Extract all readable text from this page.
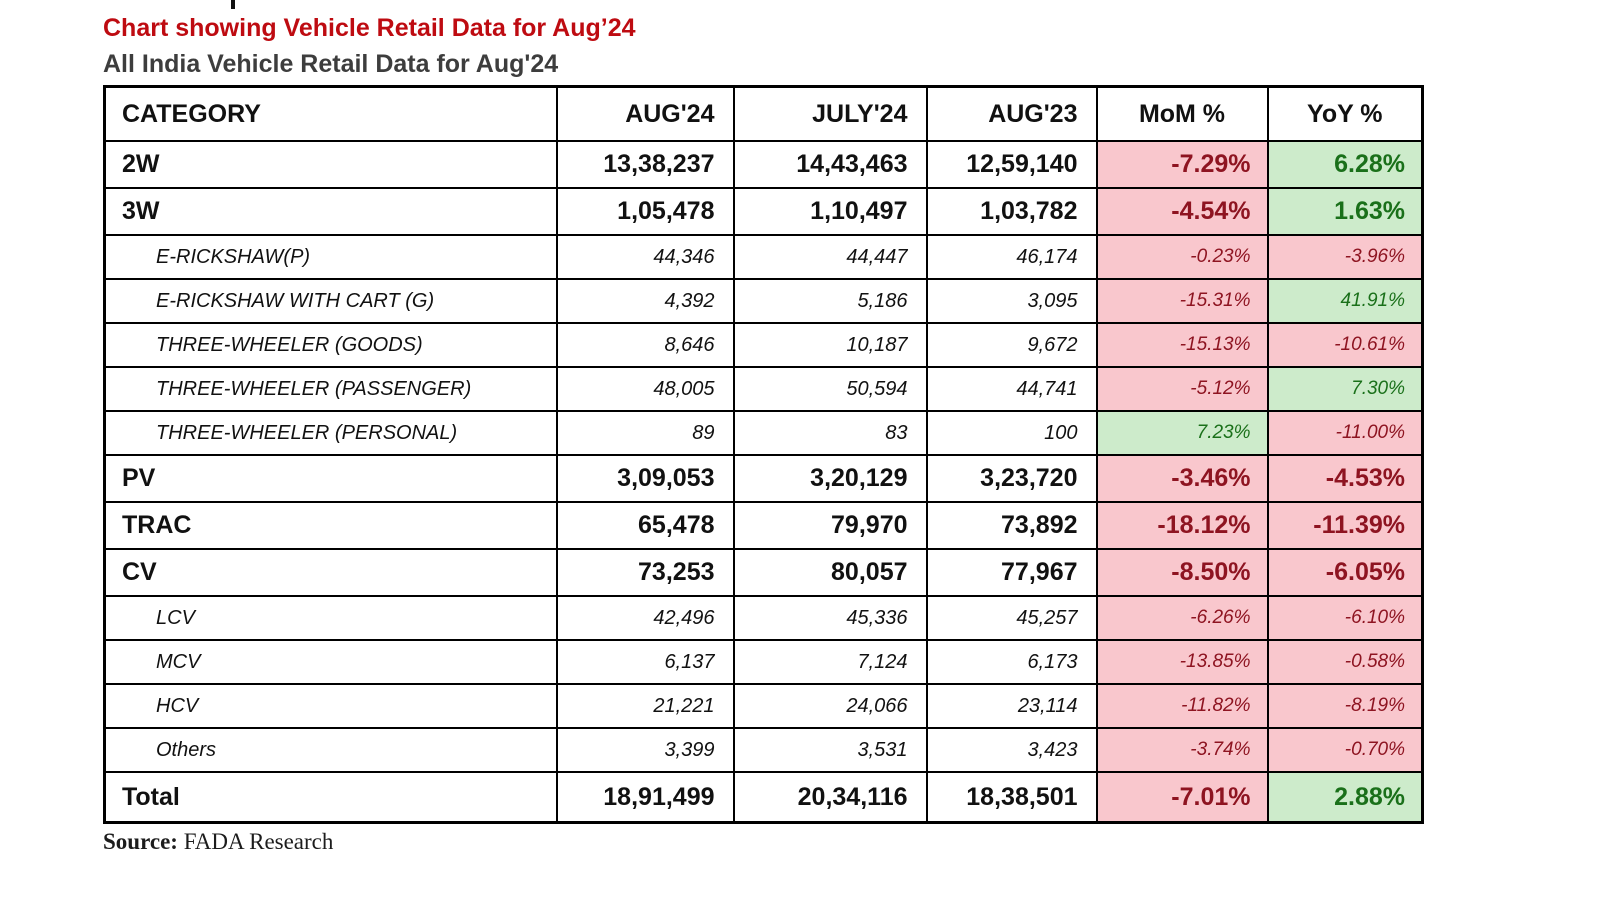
Chart showing Vehicle Retail Data for Aug’24
All India Vehicle Retail Data for Aug'24
CATEGORY	AUG'24	JULY'24	AUG'23	MoM %	YoY %
2W	13,38,237	14,43,463	12,59,140	-7.29%	6.28%
3W	1,05,478	1,10,497	1,03,782	-4.54%	1.63%
E-RICKSHAW(P)	44,346	44,447	46,174	-0.23%	-3.96%
E-RICKSHAW WITH CART (G)	4,392	5,186	3,095	-15.31%	41.91%
THREE-WHEELER (GOODS)	8,646	10,187	9,672	-15.13%	-10.61%
THREE-WHEELER (PASSENGER)	48,005	50,594	44,741	-5.12%	7.30%
THREE-WHEELER (PERSONAL)	89	83	100	7.23%	-11.00%
PV	3,09,053	3,20,129	3,23,720	-3.46%	-4.53%
TRAC	65,478	79,970	73,892	-18.12%	-11.39%
CV	73,253	80,057	77,967	-8.50%	-6.05%
LCV	42,496	45,336	45,257	-6.26%	-6.10%
MCV	6,137	7,124	6,173	-13.85%	-0.58%
HCV	21,221	24,066	23,114	-11.82%	-8.19%
Others	3,399	3,531	3,423	-3.74%	-0.70%
Total	18,91,499	20,34,116	18,38,501	-7.01%	2.88%
Source: FADA Research
